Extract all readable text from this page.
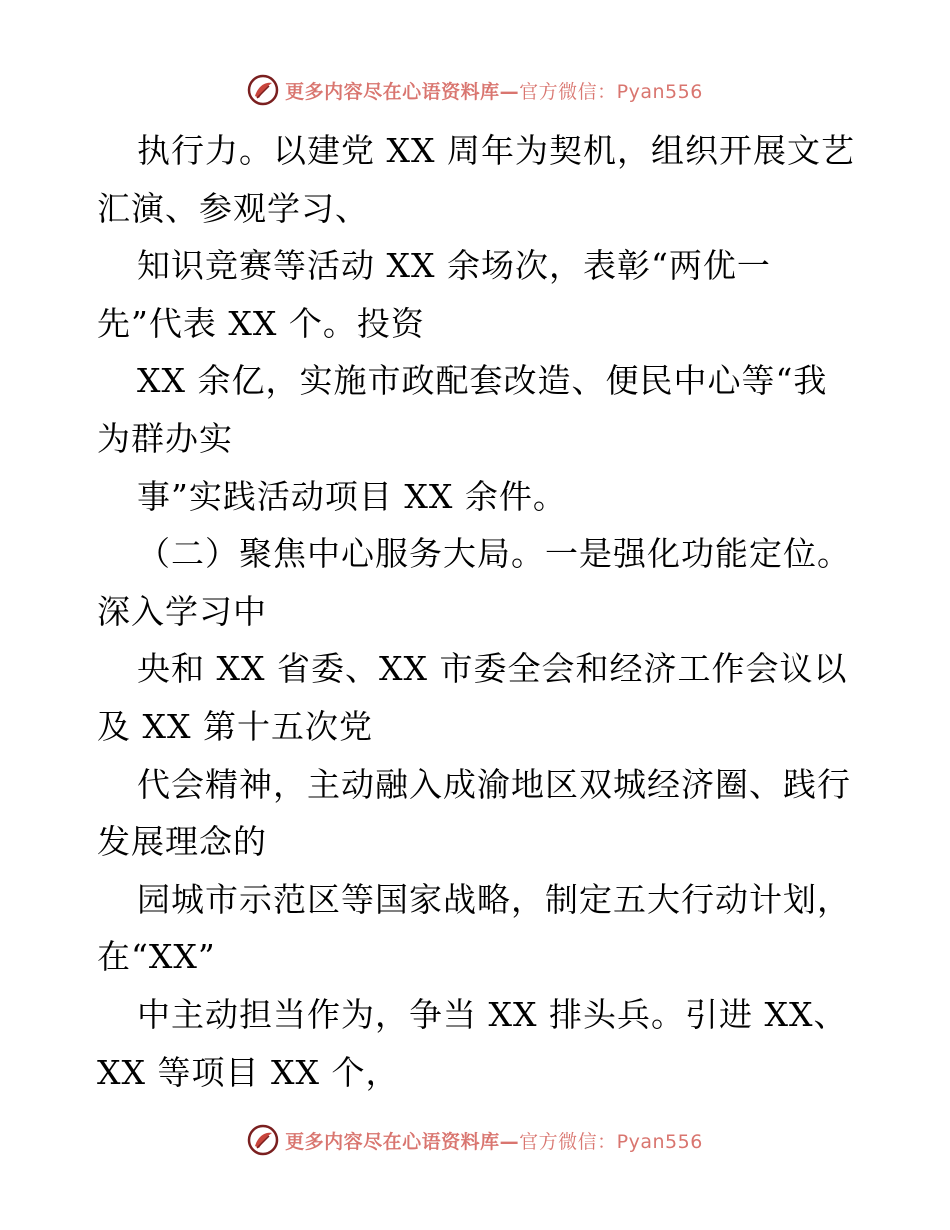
更多内容尽在心语资料库—官方微信：Pyan556
执行力。以建党 XX 周年为契机，组织开展文艺
汇演、参观学习、
知识竞赛等活动 XX 余场次，表彰“两优一
先”代表 XX 个。投资
XX 余亿，实施市政配套改造、便民中心等“我
为群办实
事”实践活动项目 XX 余件。
（二）聚焦中心服务大局。一是强化功能定位。
深入学习中
央和 XX 省委、XX 市委全会和经济工作会议以
及 XX 第十五次党
代会精神，主动融入成渝地区双城经济圈、践行
发展理念的
园城市示范区等国家战略，制定五大行动计划，
在“XX”
中主动担当作为，争当 XX 排头兵。引进 XX、
XX 等项目 XX 个，
更多内容尽在心语资料库—官方微信：Pyan556
